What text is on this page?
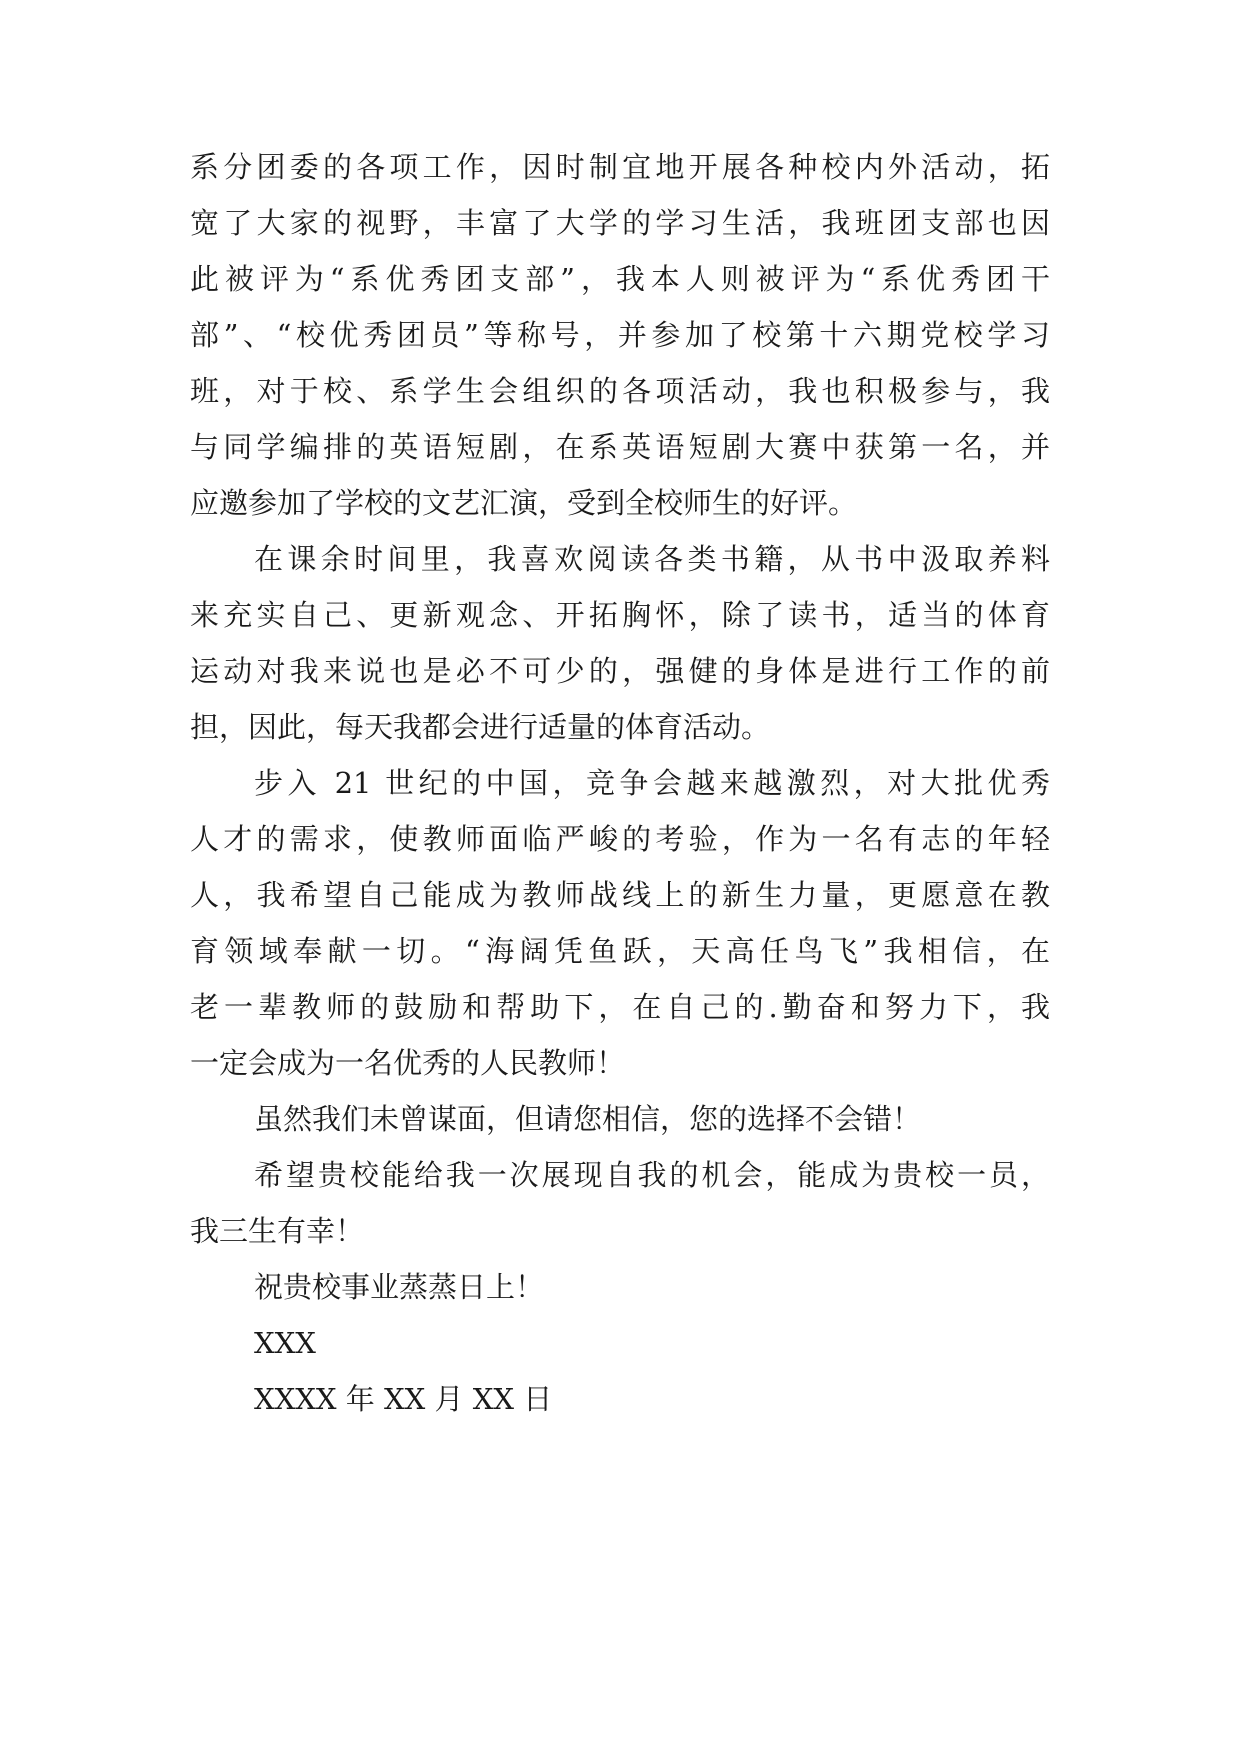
系分团委的各项工作，因时制宜地开展各种校内外活动，拓
宽了大家的视野，丰富了大学的学习生活，我班团支部也因
此被评为“系优秀团支部”，我本人则被评为“系优秀团干
部”、“校优秀团员”等称号，并参加了校第十六期党校学习
班，对于校、系学生会组织的各项活动，我也积极参与，我
与同学编排的英语短剧，在系英语短剧大赛中获第一名，并
应邀参加了学校的文艺汇演，受到全校师生的好评。
在课余时间里，我喜欢阅读各类书籍，从书中汲取养料
来充实自己、更新观念、开拓胸怀，除了读书，适当的体育
运动对我来说也是必不可少的，强健的身体是进行工作的前
担，因此，每天我都会进行适量的体育活动。
步入 21 世纪的中国，竞争会越来越激烈，对大批优秀
人才的需求，使教师面临严峻的考验，作为一名有志的年轻
人，我希望自己能成为教师战线上的新生力量，更愿意在教
育领域奉献一切。“海阔凭鱼跃，天高任鸟飞”我相信，在
老一辈教师的鼓励和帮助下，在自己的.勤奋和努力下，我
一定会成为一名优秀的人民教师！
虽然我们未曾谋面，但请您相信，您的选择不会错！
希望贵校能给我一次展现自我的机会，能成为贵校一员，
我三生有幸！
祝贵校事业蒸蒸日上！
XXX
XXXX 年 XX 月 XX 日
